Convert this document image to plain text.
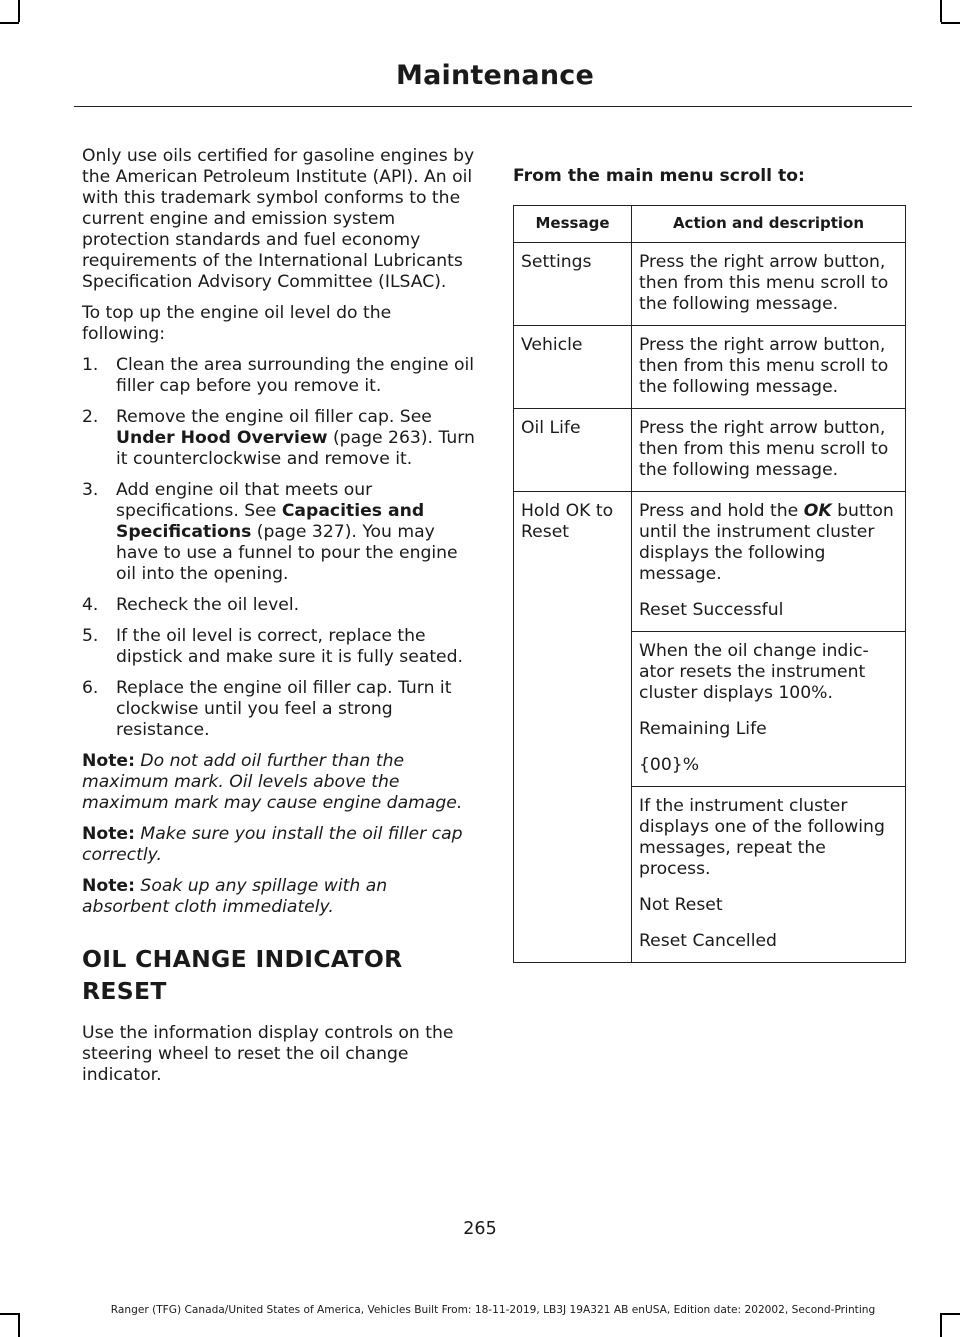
Maintenance

Only use oils certified for gasoline engines by the American Petroleum Institute (API). An oil with this trademark symbol conforms to the current engine and emission system protection standards and fuel economy requirements of the International Lubricants Specification Advisory Committee (ILSAC).

To top up the engine oil level do the following:

1.	Clean the area surrounding the engine oil filler cap before you remove it.
2.	Remove the engine oil filler cap. See Under Hood Overview (page 263). Turn it counterclockwise and remove it.
3.	Add engine oil that meets our specifications. See Capacities and Specifications (page 327). You may have to use a funnel to pour the engine oil into the opening.
4.	Recheck the oil level.
5.	If the oil level is correct, replace the dipstick and make sure it is fully seated.
6.	Replace the engine oil filler cap. Turn it clockwise until you feel a strong resistance.

Note: Do not add oil further than the maximum mark. Oil levels above the maximum mark may cause engine damage.

Note: Make sure you install the oil filler cap correctly.

Note: Soak up any spillage with an absorbent cloth immediately.

OIL CHANGE INDICATOR
RESET

Use the information display controls on the steering wheel to reset the oil change indicator.

From the main menu scroll to:

Message	Action and description
Settings	Press the right arrow button, then from this menu scroll to the following message.
Vehicle	Press the right arrow button, then from this menu scroll to the following message.
Oil Life	Press the right arrow button, then from this menu scroll to the following message.
Hold OK to Reset	Press and hold the OK button until the instrument cluster displays the following message.

Reset Successful

	When the oil change indic-ator resets the instrument cluster displays 100%.

Remaining Life

{00}%

	If the instrument cluster displays one of the following messages, repeat the process.

Not Reset

Reset Cancelled

265
Ranger (TFG) Canada/United States of America, Vehicles Built From: 18-11-2019, LB3J 19A321 AB enUSA, Edition date: 202002, Second-Printing
